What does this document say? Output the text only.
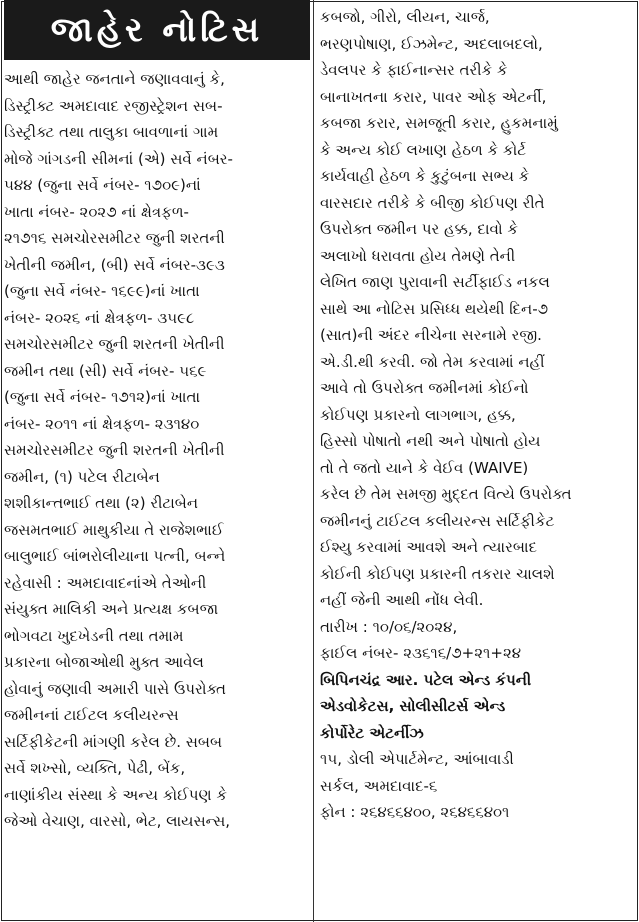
જાહેર નોટિસ
આથી જાહેર જનતાને જણાવવાનું કે,
ડિસ્ટ્રીક્ટ અમદાવાદ રજીસ્ટ્રેશન સબ-
ડિસ્ટ્રીક્ટ તથા તાલુકા બાવળાનાં ગામ
મોજે ગાંગડની સીમનાં (એ) સર્વે નંબર-
૫૪૪ (જુના સર્વે નંબર- ૧૭૦૯)નાં
ખાતા નંબર- ૨૦૨૭ નાં ક્ષેત્રફળ-
૨૧૭૧૬ સમચોરસમીટર જુની શરતની
ખેતીની જમીન, (બી) સર્વે નંબર-૩૯૩
(જુના સર્વે નંબર- ૧૬૯૯)નાં ખાતા
નંબર- ૨૦૨૬ નાં ક્ષેત્રફળ- ૩૫૯૮
સમચોરસમીટર જુની શરતની ખેતીની
જમીન તથા (સી) સર્વે નંબર- ૫૬૯
(જુના સર્વે નંબર- ૧૭૧૨)નાં ખાતા
નંબર- ૨૦૧૧ નાં ક્ષેત્રફળ- ૨૩૧૪૦
સમચોરસમીટર જુની શરતની ખેતીની
જમીન, (૧) પટેલ રીટાબેન
શશીકાન્તભાઈ તથા (૨) રીટાબેન
જસમતભાઈ માથુકીયા તે રાજેશભાઈ
બાલુભાઈ બાંભરોલીયાના પત્ની, બન્ને
રહેવાસી : અમદાવાદનાંએ તેઓની
સંયુક્ત માલિકી અને પ્રત્યક્ષ કબજા
ભોગવટા ખુદખેડની તથા તમામ
પ્રકારના બોજાઓથી મુક્ત આવેલ
હોવાનું જણાવી અમારી પાસે ઉપરોક્ત
જમીનનાં ટાઈટલ કલીયરન્સ
સર્ટિફીકેટની માંગણી કરેલ છે. સબબ
સર્વે શખ્સો, વ્યક્તિ, પેઢી, બેંક,
નાણાંકીય સંસ્થા કે અન્ય કોઈપણ કે
જેઓ વેચાણ, વારસો, ભેટ, લાયસન્સ,
કબજો, ગીરો, લીયન, ચાર્જ,
ભરણપોષાણ, ઈઝમેન્ટ, અદલાબદલો,
ડેવલપર કે ફાઈનાન્સર તરીકે કે
બાનાખતના કરાર, પાવર ઓફ એટર્ની,
કબજા કરાર, સમજૂતી કરાર, હુકમનામું
કે અન્ય કોઈ લખાણ હેઠળ કે કોર્ટ
કાર્યવાહી હેઠળ કે કુટુંબના સભ્ય કે
વારસદાર તરીકે કે બીજી કોઈપણ રીતે
ઉપરોક્ત જમીન પર હક્ક, દાવો કે
અલાખો ધરાવતા હોય તેમણે તેની
લેખિત જાણ પુરાવાની સર્ટીફાઈડ નકલ
સાથે આ નોટિસ પ્રસિધ્ધ થયેથી દિન-૭
(સાત)ની અંદર નીચેના સરનામે રજી.
એ.ડી.થી કરવી. જો તેમ કરવામાં નહીં
આવે તો ઉપરોક્ત જમીનમાં કોઈનો
કોઈપણ પ્રકારનો લાગભાગ, હક્ક,
હિસ્સો પોષાતો નથી અને પોષાતો હોય
તો તે જતો યાને કે વેઈવ (WAIVE)
કરેલ છે તેમ સમજી મુદ્દત વિત્યે ઉપરોક્ત
જમીનનું ટાઈટલ કલીયરન્સ સર્ટિફીકેટ
ઈશ્યુ કરવામાં આવશે અને ત્યારબાદ
કોઈની કોઈપણ પ્રકારની તકરાર ચાલશે
નહીં જેની આથી નોંધ લેવી.
તારીખ : ૧૦/૦૬/૨૦૨૪,
ફાઈલ નંબર- ૨૩૬૧૬/૭+૨૧+૨૪
બિપિનચંદ્ર આર. પટેલ એન્ડ કંપની
એડવોકેટસ, સોલીસીટર્સ એન્ડ
કોર્પોરેટ એટર્નીઝ
૧૫, ડોલી એપાર્ટમેન્ટ, આંબાવાડી
સર્કલ, અમદાવાદ-૬
ફોન : ૨૬૪૬૬૪૦૦, ૨૬૪૬૬૪૦૧
